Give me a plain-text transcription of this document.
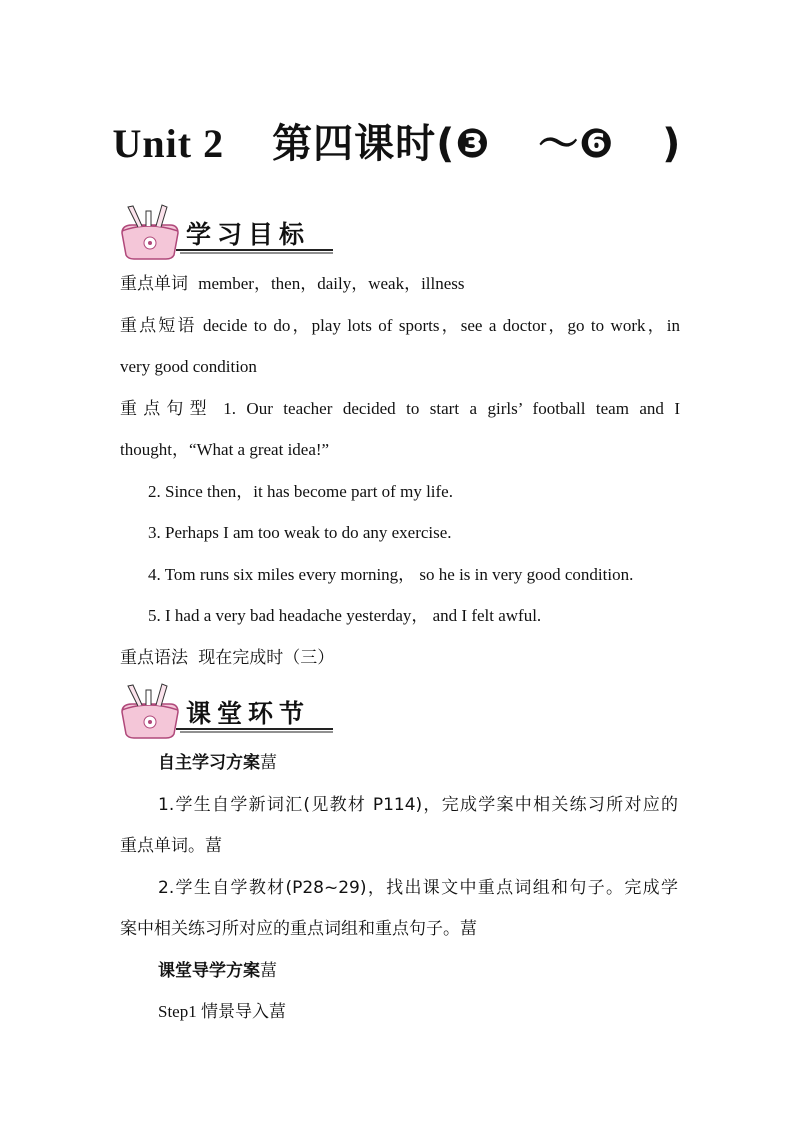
Unit 2 第四课时(❸ ～❻ )
学习目标
重点单词 member，then，daily，weak，illness
重点短语 decide to do，play lots of sports，see a doctor，go to work，in
very good condition
重点句型 1. Our teacher decided to start a girls’ football team and I
thought，“What a great idea!”
2. Since then，it has become part of my life.
3. Perhaps I am too weak to do any exercise.
4. Tom runs six miles every morning， so he is in very good condition.
5. I had a very bad headache yesterday， and I felt awful.
重点语法 现在完成时（三）
课堂环节
自主学习方案葍
1.学生自学新词汇(见教材 P114)，完成学案中相关练习所对应的
重点单词。葍
2.学生自学教材(P28~29)，找出课文中重点词组和句子。完成学
案中相关练习所对应的重点词组和重点句子。葍
课堂导学方案葍
Step1 情景导入葍
